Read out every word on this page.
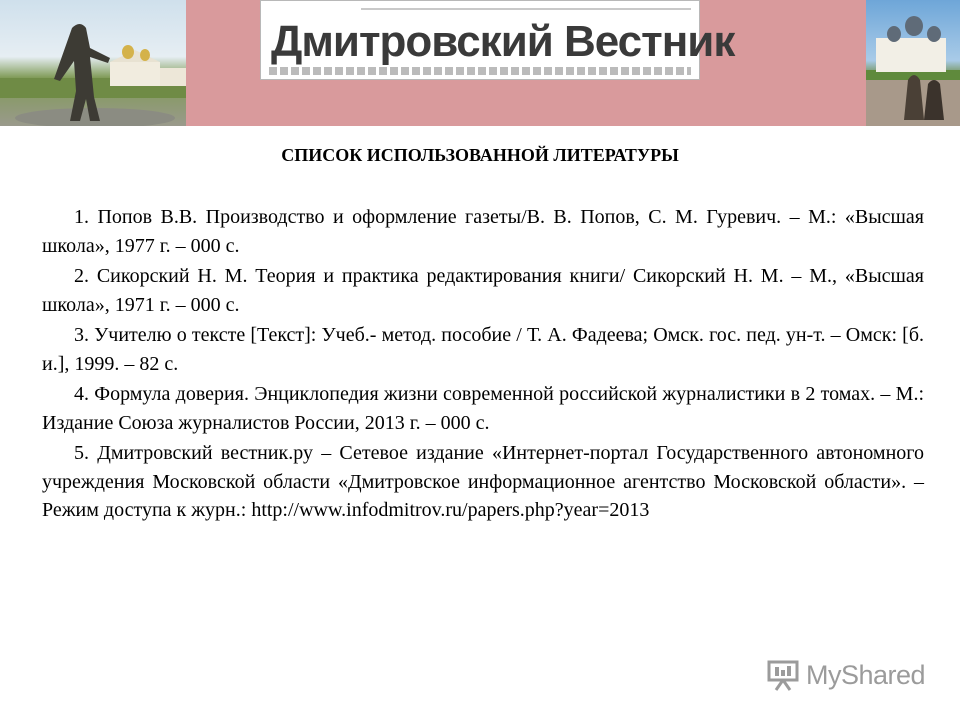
Дмитровский Вестник
СПИСОК ИСПОЛЬЗОВАННОЙ ЛИТЕРАТУРЫ

1. Попов В.В. Производство и оформление газеты/В. В. Попов, С. М. Гуревич. – М.: «Высшая школа», 1977 г. – 000 с.

2. Сикорский Н. М. Теория и практика редактирования книги/ Сикорский Н. М. – М., «Высшая школа», 1971 г. – 000 с.

3. Учителю о тексте [Текст]: Учеб.- метод. пособие / Т. А. Фадеева; Омск. гос. пед. ун-т. – Омск: [б. и.], 1999. – 82 с.

4. Формула доверия. Энциклопедия жизни современной российской журналистики в 2 томах. – М.: Издание Союза журналистов России, 2013 г. – 000 с.

5. Дмитровский вестник.ру – Сетевое издание «Интернет-портал Государственного автономного учреждения Московской области «Дмитровское информационное агентство Московской области». – Режим доступа к журн.: http://www.infodmitrov.ru/papers.php?year=2013

MyShared
